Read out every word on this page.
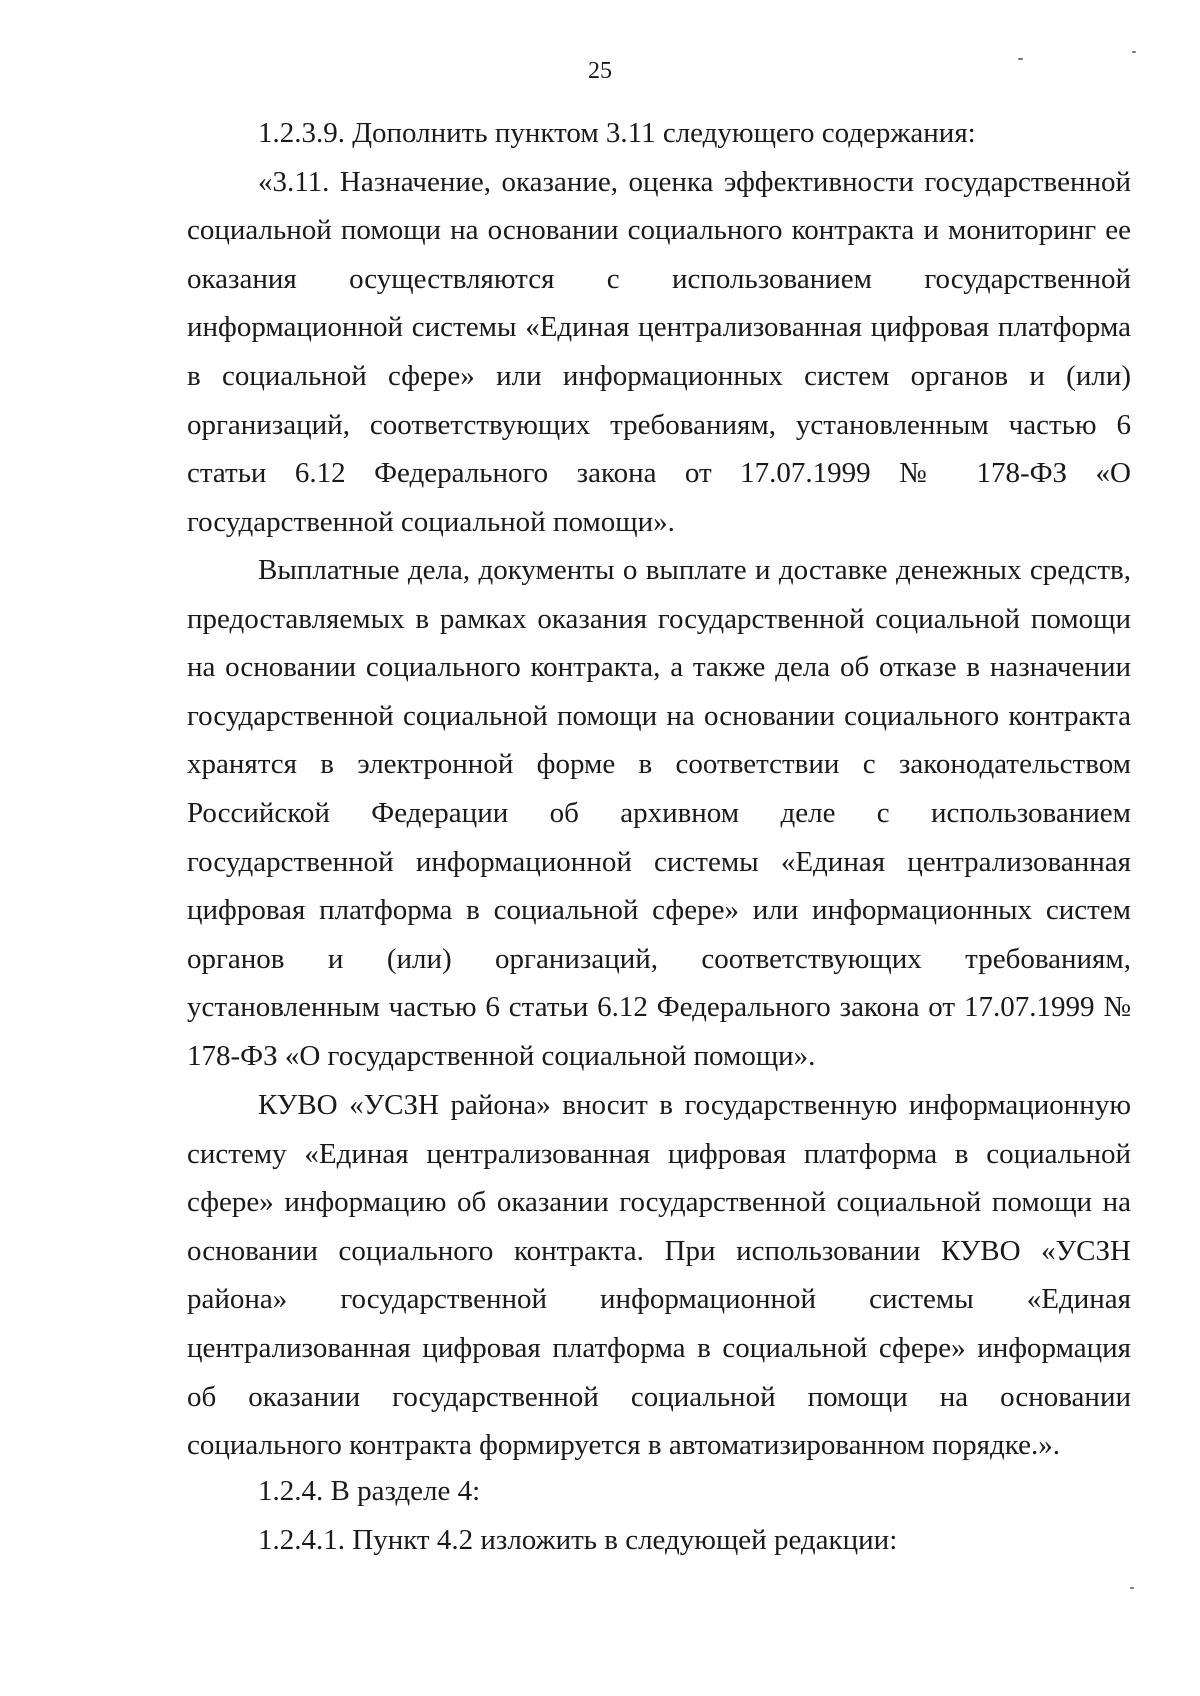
25

1.2.3.9. Дополнить пунктом 3.11 следующего содержания:

«3.11. Назначение, оказание, оценка эффективности государственной социальной помощи на основании социального контракта и мониторинг ее оказания осуществляются с использованием государственной информационной системы «Единая централизованная цифровая платформа в социальной сфере» или информационных систем органов и (или) организаций, соответствующих требованиям, установленным частью 6 статьи 6.12 Федерального закона от 17.07.1999 № 178-ФЗ «О государственной социальной помощи».

Выплатные дела, документы о выплате и доставке денежных средств, предоставляемых в рамках оказания государственной социальной помощи на основании социального контракта, а также дела об отказе в назначении государственной социальной помощи на основании социального контракта хранятся в электронной форме в соответствии с законодательством Российской Федерации об архивном деле с использованием государственной информационной системы «Единая централизованная цифровая платформа в социальной сфере» или информационных систем органов и (или) организаций, соответствующих требованиям, установленным частью 6 статьи 6.12 Федерального закона от 17.07.1999 № 178-ФЗ «О государственной социальной помощи».

КУВО «УСЗН района» вносит в государственную информационную систему «Единая централизованная цифровая платформа в социальной сфере» информацию об оказании государственной социальной помощи на основании социального контракта. При использовании КУВО «УСЗН района» государственной информационной системы «Единая централизованная цифровая платформа в социальной сфере» информация об оказании государственной социальной помощи на основании социального контракта формируется в автоматизированном порядке.».

1.2.4. В разделе 4:

1.2.4.1. Пункт 4.2 изложить в следующей редакции:
